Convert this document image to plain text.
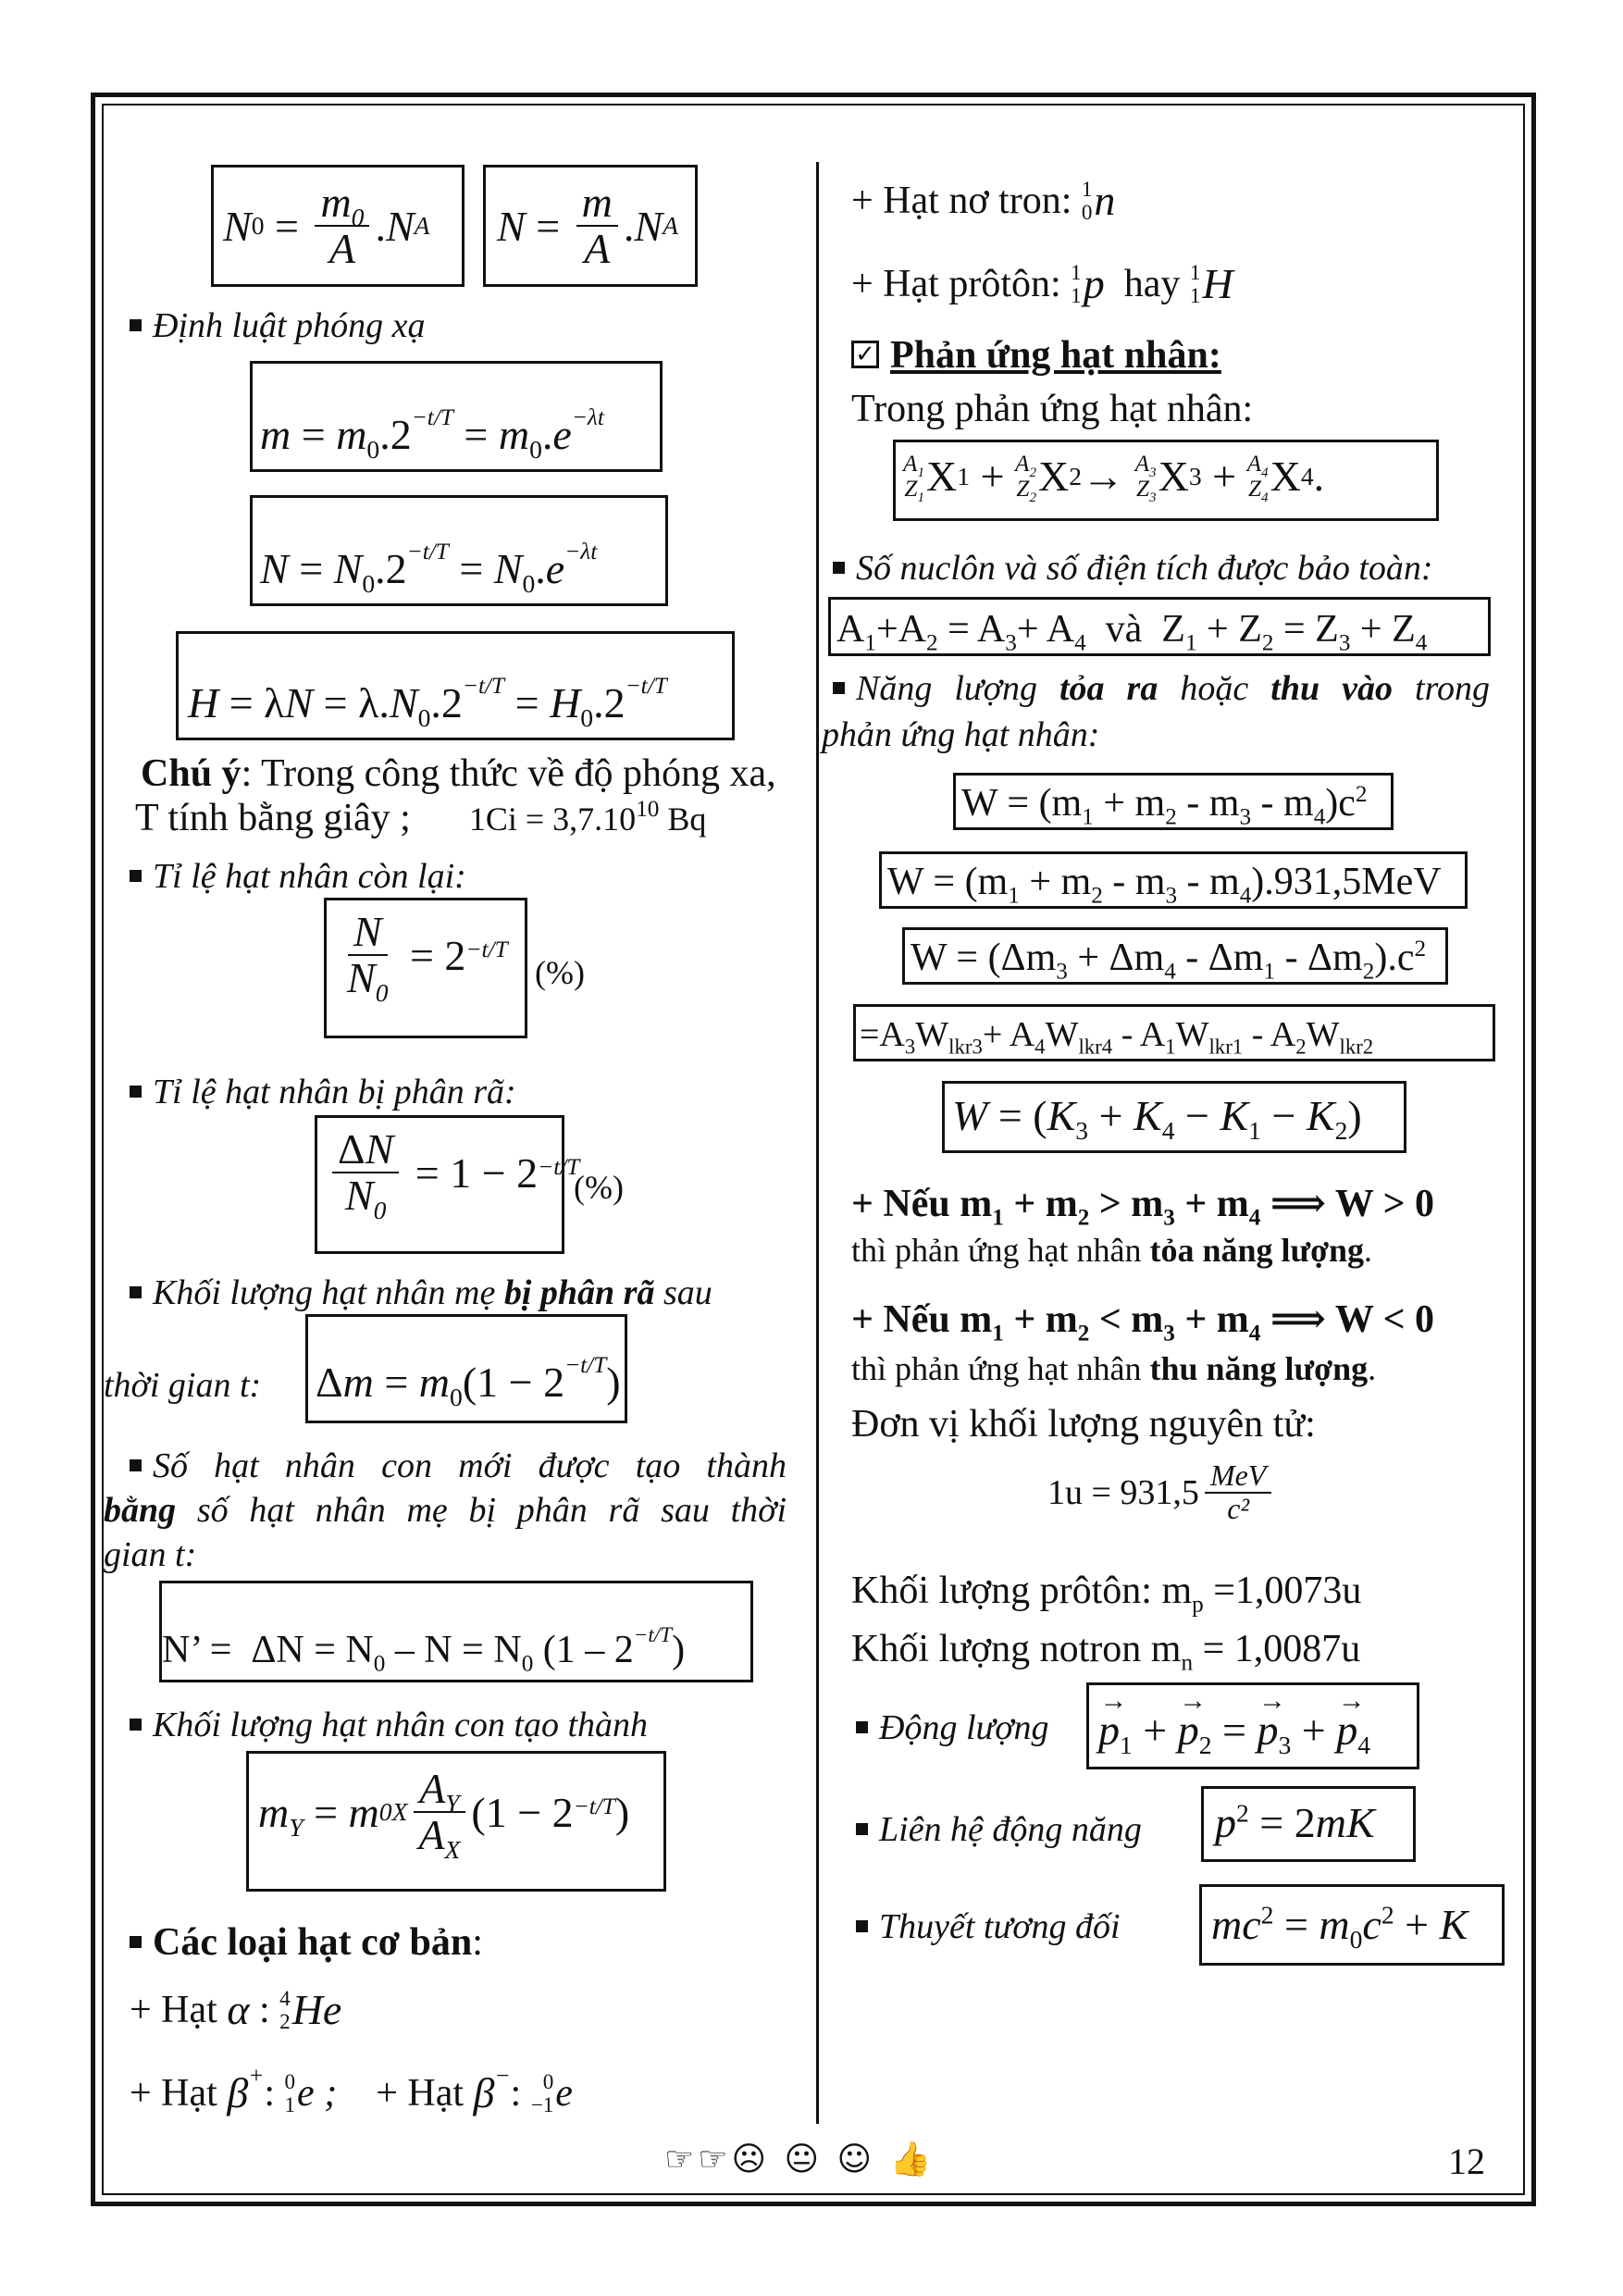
N $0 = \frac{m_0}{A}$ . N A $N = \frac{m}{A}$ . N A
Định luật phóng xạ
$m = m_0.2^{-t/T} = m_0.e^{-\lambda t}$
$N = N_0.2^{-t/T} = N_0.e^{-\lambda t}$
$H = \lambda N = \lambda.N_0.2^{-t/T} = H_0.2^{-t/T}$
Chú ý: Trong công thức về độ phóng xa,
T tính bằng giây ; $1Ci = 3,7.10^{10}$ Bq
Tỉ lệ hạt nhân còn lại:
$\frac{N}{N_0} = 2 -t/T$
(%)
Tỉ lệ hạt nhân bị phân rã:
$\frac{\Delta N}{N_0} = 1 - 2 -t/T$
(%)
Khối lượng hạt nhân mẹ bị phân rã sau
thời gian t: $\Delta m = m_0(1 - 2^{-t/T})$
Số hạt nhân con mới được tạo thành
bằng số hạt nhân mẹ bị phân rã sau thời
gian t:
N’ =  $\Delta N = N_0 - N = N_0$ $(1 - 2^{-t/T})$
Khối lượng hạt nhân con tạo thành
$m_Y = m$ $0X \frac{A_Y}{A_X} (1 - 2 -t/T$ )
Các loại hạt cơ bản:
+ Hạt
α : 4
2 He
+ Hạt
β+ : 0
1 e ;
+ Hạt
β− : 0
−1 e
+ Hạt nơ tron:
1
0 n
+ Hạt prôtôn:
1
1 p
hay
1
1 H
✓ Phản ứng hạt nhân:
Trong phản ứng hạt nhân:
$A_1$
$Z_1$ X $1 + A_2$
$Z_2$ X $2 \to A_3$
$Z_3$ X $3 + A_4$
$Z_4$ X 4 .
Số nuclôn và số điện tích được bảo toàn:
$A_1+A_2 = A_3+ A_4$  và  $Z_1 + Z_2 = Z_3 + Z_4$
Năng lượng tỏa ra hoặc thu vào trong
phản ứng hạt nhân:
$W = (m_1 + m_2 - m_3 - m_4)c^2$
$W = (m_1 + m_2 - m_3 - m_4).931,5MeV$
$W = (\Delta m_3 + \Delta m_4 - \Delta m_1 - \Delta m_2).c^2$
$=A_3W_{lkr3}+ A_4W_{lkr4} - A_1W_{lkr1} - A_2W_{lkr2}$
$W = (K_3 + K_4 - K_1 - K_2)$
+ Nếu $m_1 + m_2 > m_3 + m_4$ ⟹ W > 0
thì phản ứng hạt nhân tỏa năng lượng.
+ Nếu $m_1 + m_2 < m_3 + m_4$ ⟹ W < 0
thì phản ứng hạt nhân thu năng lượng.
Đơn vị khối lượng nguyên tử:
$1u = 931,5 \frac{\text{MeV}}{\text{c²}}$
Khối lượng prôtôn: $m_p =1,0073u$
Khối lượng notron $m_n = 1,0087u$
Động lượng
→ $p_1$ + → $p_2$ = → $p_3$ + → $p_4$
Liên hệ động năng $p^2 = 2mK$
Thuyết tương đối $mc^2 = m_0c^2 + K$
☞☞☹ 😐 ☺ 👍	12
